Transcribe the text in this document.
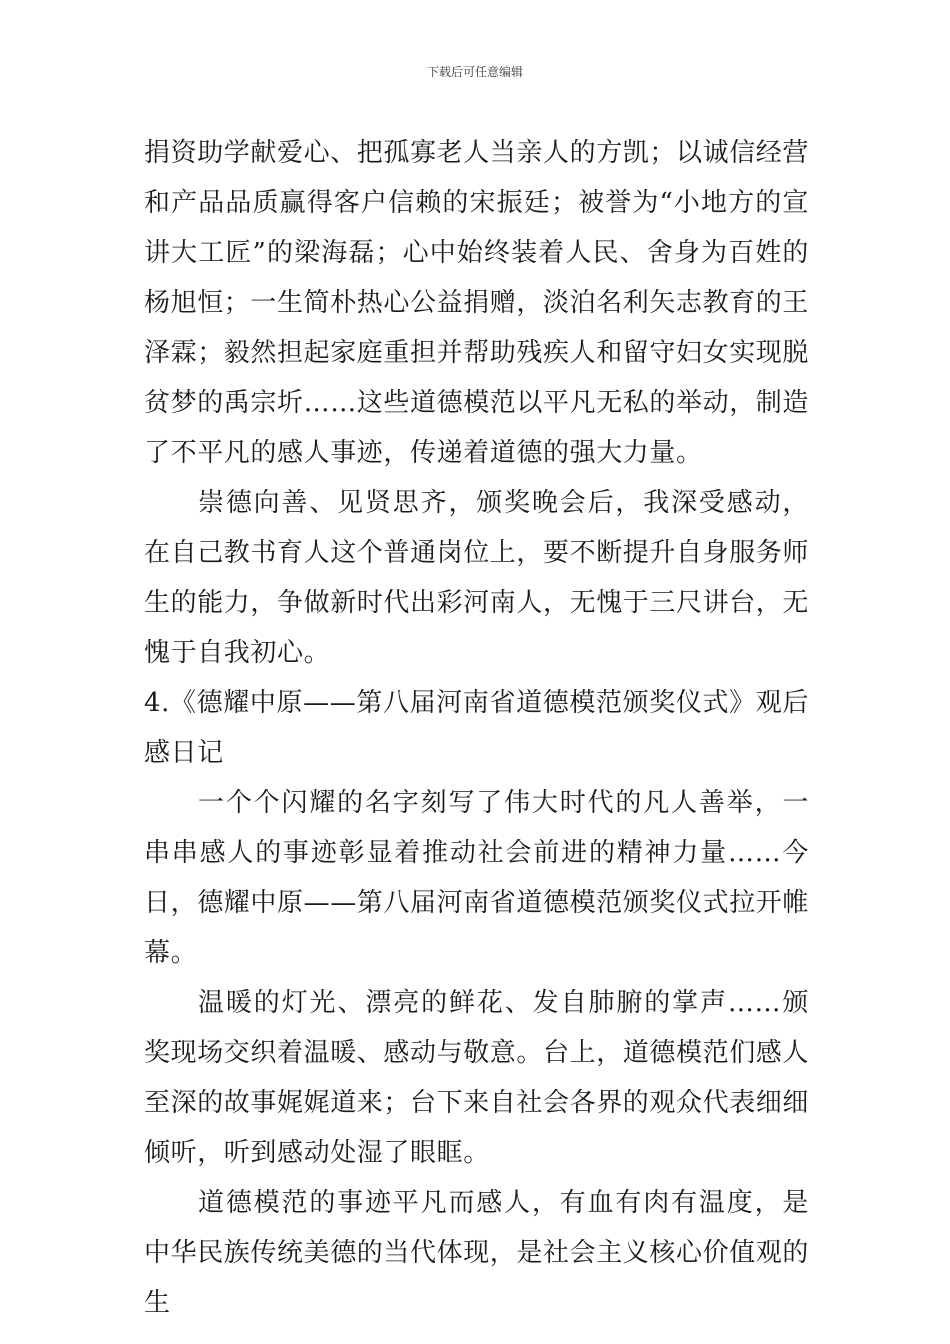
下载后可任意编辑

捐资助学献爱心、把孤寡老人当亲人的方凯；以诚信经营和产品品质赢得客户信赖的宋振廷；被誉为“小地方的宣讲大工匠”的梁海磊；心中始终装着人民、舍身为百姓的杨旭恒；一生简朴热心公益捐赠，淡泊名利矢志教育的王泽霖；毅然担起家庭重担并帮助残疾人和留守妇女实现脱贫梦的禹宗圻……这些道德模范以平凡无私的举动，制造了不平凡的感人事迹，传递着道德的强大力量。

崇德向善、见贤思齐，颁奖晚会后，我深受感动，在自己教书育人这个普通岗位上，要不断提升自身服务师生的能力，争做新时代出彩河南人，无愧于三尺讲台，无愧于自我初心。

4.《德耀中原——第八届河南省道德模范颁奖仪式》观后感日记

一个个闪耀的名字刻写了伟大时代的凡人善举，一串串感人的事迹彰显着推动社会前进的精神力量……今日，德耀中原——第八届河南省道德模范颁奖仪式拉开帷幕。

温暖的灯光、漂亮的鲜花、发自肺腑的掌声……颁奖现场交织着温暖、感动与敬意。台上，道德模范们感人至深的故事娓娓道来；台下来自社会各界的观众代表细细倾听，听到感动处湿了眼眶。

道德模范的事迹平凡而感人，有血有肉有温度，是中华民族传统美德的当代体现，是社会主义核心价值观的生
